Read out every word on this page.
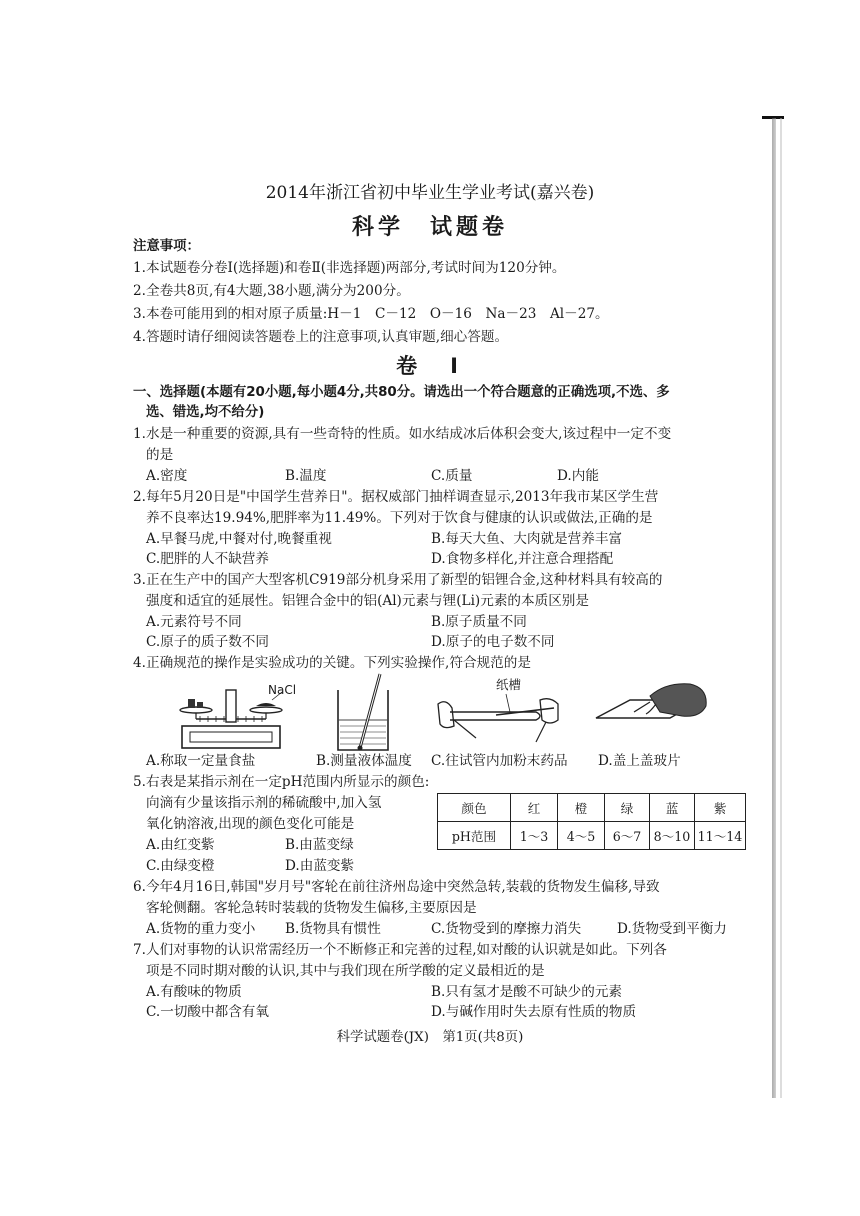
2014年浙江省初中毕业生学业考试(嘉兴卷)
科学　试题卷
注意事项：
1.本试题卷分卷Ⅰ(选择题)和卷Ⅱ(非选择题)两部分,考试时间为120分钟。
2.全卷共8页,有4大题,38小题,满分为200分。
3.本卷可能用到的相对原子质量:H－1　C－12　O－16　Na－23　Al－27。
4.答题时请仔细阅读答题卷上的注意事项,认真审题,细心答题。
卷　Ⅰ
一、选择题(本题有20小题,每小题4分,共80分。请选出一个符合题意的正确选项,不选、多
选、错选,均不给分)
1.水是一种重要的资源,具有一些奇特的性质。如水结成冰后体积会变大,该过程中一定不变
的是
A.密度	B.温度	C.质量	D.内能
2.每年5月20日是"中国学生营养日"。据权威部门抽样调查显示,2013年我市某区学生营
养不良率达19.94%,肥胖率为11.49%。下列对于饮食与健康的认识或做法,正确的是
A.早餐马虎,中餐对付,晚餐重视	B.每天大鱼、大肉就是营养丰富
C.肥胖的人不缺营养	D.食物多样化,并注意合理搭配
3.正在生产中的国产大型客机C919部分机身采用了新型的铝锂合金,这种材料具有较高的
强度和适宜的延展性。铝锂合金中的铝(Al)元素与锂(Li)元素的本质区别是
A.元素符号不同	B.原子质量不同
C.原子的质子数不同	D.原子的电子数不同
4.正确规范的操作是实验成功的关键。下列实验操作,符合规范的是
NaCl	纸槽
A.称取一定量食盐	B.测量液体温度 C.往试管内加粉末药品 D.盖上盖玻片
5.右表是某指示剂在一定pH范围内所显示的颜色:
向滴有少量该指示剂的稀硫酸中,加入氢
氧化钠溶液,出现的颜色变化可能是
A.由红变紫	B.由蓝变绿
C.由绿变橙	D.由蓝变紫
颜色	红	橙	绿	蓝	紫
pH范围	1～3	4～5	6～7	8～10	11～14
6.今年4月16日,韩国"岁月号"客轮在前往济州岛途中突然急转,装载的货物发生偏移,导致
客轮侧翻。客轮急转时装载的货物发生偏移,主要原因是
A.货物的重力变小 B.货物具有惯性	C.货物受到的摩擦力消失	D.货物受到平衡力
7.人们对事物的认识常需经历一个不断修正和完善的过程,如对酸的认识就是如此。下列各
项是不同时期对酸的认识,其中与我们现在所学酸的定义最相近的是
A.有酸味的物质	B.只有氢才是酸不可缺少的元素
C.一切酸中都含有氧	D.与碱作用时失去原有性质的物质
科学试题卷(JX)　第1页(共8页)
